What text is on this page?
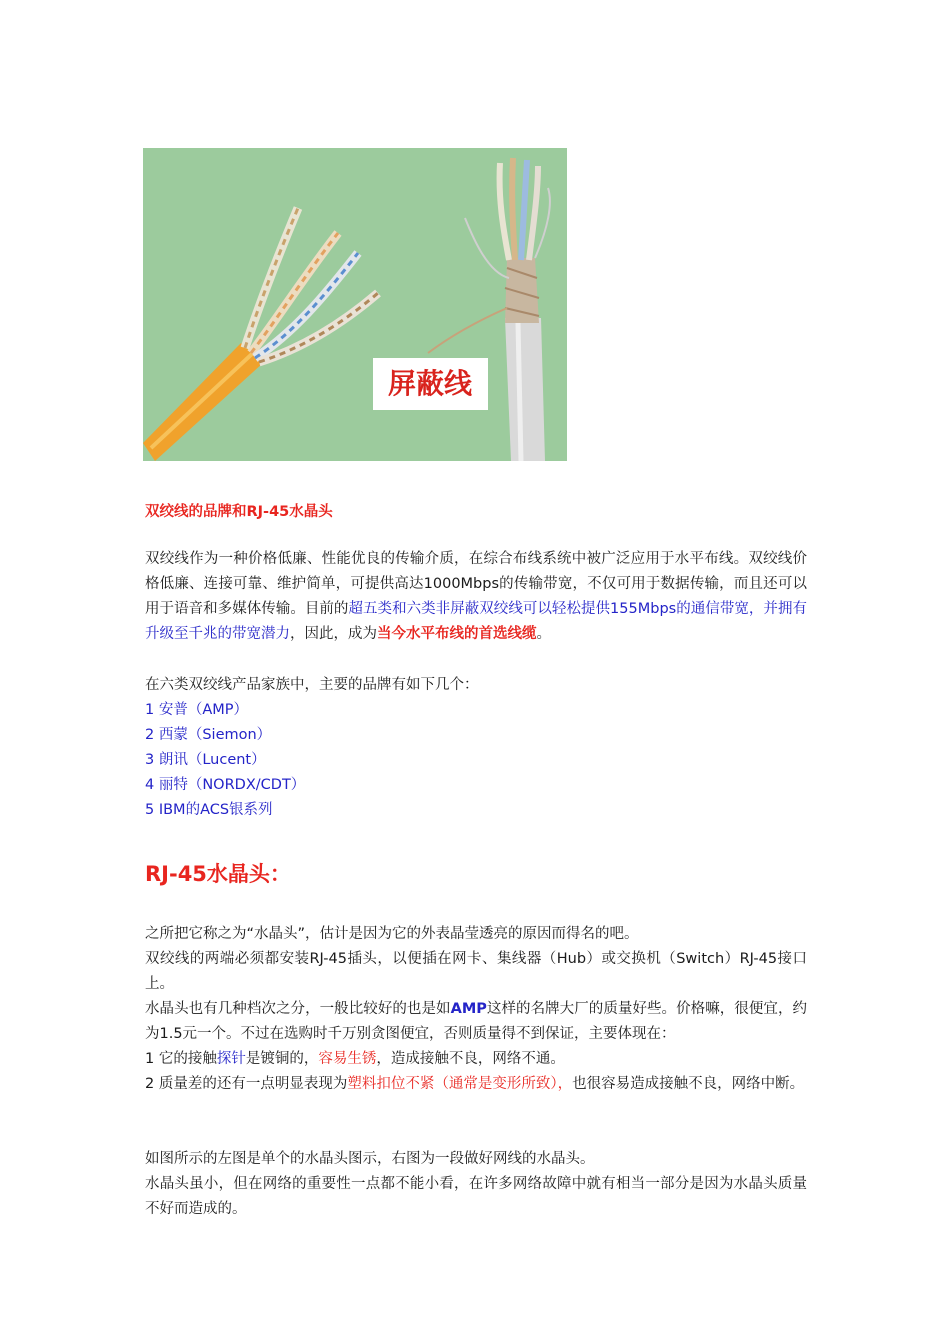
屏蔽线
双绞线的品牌和RJ-45水晶头

双绞线作为一种价格低廉、性能优良的传输介质，在综合布线系统中被广泛应用于水平布线。双绞线价格低廉、连接可靠、维护简单，可提供高达1000Mbps的传输带宽，不仅可用于数据传输，而且还可以用于语音和多媒体传输。目前的超五类和六类非屏蔽双绞线可以轻松提供155Mbps的通信带宽，并拥有升级至千兆的带宽潜力，因此，成为当今水平布线的首选线缆。

在六类双绞线产品家族中，主要的品牌有如下几个：

1 安普（AMP）

2 西蒙（Siemon）

3 朗讯（Lucent）

4 丽特（NORDX/CDT）

5 IBM的ACS银系列

RJ-45水晶头：

之所把它称之为“水晶头”，估计是因为它的外表晶莹透亮的原因而得名的吧。

双绞线的两端必须都安装RJ-45插头，以便插在网卡、集线器（Hub）或交换机（Switch）RJ-45接口上。

水晶头也有几种档次之分，一般比较好的也是如AMP这样的名牌大厂的质量好些。价格嘛，很便宜，约为1.5元一个。不过在选购时千万别贪图便宜，否则质量得不到保证，主要体现在：

1 它的接触探针是镀铜的，容易生锈，造成接触不良，网络不通。

2 质量差的还有一点明显表现为塑料扣位不紧（通常是变形所致），也很容易造成接触不良，网络中断。

如图所示的左图是单个的水晶头图示，右图为一段做好网线的水晶头。

水晶头虽小，但在网络的重要性一点都不能小看，在许多网络故障中就有相当一部分是因为水晶头质量不好而造成的。
